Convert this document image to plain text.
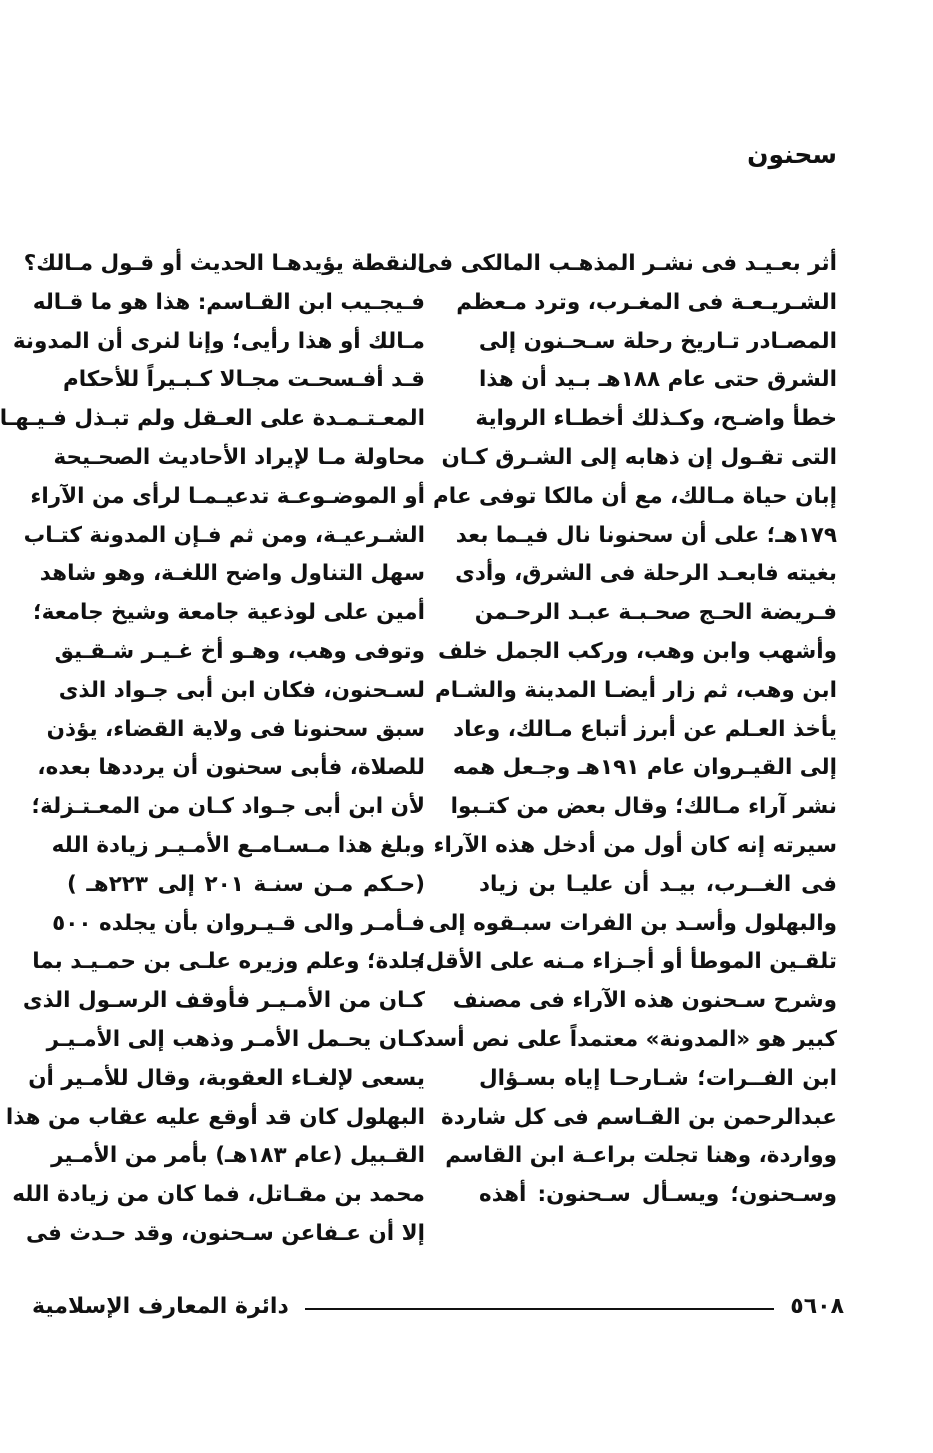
سحنون
أثر بعـيـد فى نشـر المذهـب المالكى فى
الشـريـعـة فى المغـرب، وترد مـعظم
المصـادر تـاريخ رحلة سـحـنون إلى
الشرق حتى عام ١٨٨هـ بـيد أن هذا
خطأ واضـح، وكـذلك أخطـاء الرواية
التى تقـول إن ذهابه إلى الشـرق كـان
إبان حياة مـالك، مع أن مالكا توفى عام
١٧٩هـ؛ على أن سحنونا نال فيـما بعد
بغيته فابعـد الرحلة فى الشرق، وأدى
فـريضة الحـج صحـبـة عبـد الرحـمن
وأشهب وابن وهب، وركب الجمل خلف
ابن وهب، ثم زار أيضـا المدينة والشـام
يأخذ العـلم عن أبرز أتباع مـالك، وعاد
إلى القيـروان عام ١٩١هـ وجـعل همه
نشر آراء مـالك؛ وقال بعض من كتـبوا
سيرته إنه كان أول من أدخل هذه الآراء
فى الغــرب، بيـد أن عليـا بن زياد
والبهلول وأسـد بن الفرات سبـقوه إلى
تلقـين الموطأ أو أجـزاء مـنه على الأقل؛
وشرح سـحنون هذه الآراء فى مصنف
كبير هو «المدونة» معتمداً على نص أسد
ابن الفــرات؛ شـارحـا إياه بسـؤال
عبدالرحمن بن القـاسم فى كل شاردة
وواردة، وهنا تجلت براعـة ابن القاسم
وسـحنون؛ ويسـأل سـحنون: أهذه
النقطة يؤيدهـا الحديث أو قـول مـالك؟
فـيجـيب ابن القـاسم: هذا هو ما قـاله
مـالك أو هذا رأيى؛ وإنا لنرى أن المدونة
قـد أفـسحـت مجـالا كـبـيراً للأحكام
المعـتـمـدة على العـقل ولم تبـذل فـيـهـا
محاولة مـا لإيراد الأحاديث الصحـيحة
أو الموضـوعـة تدعيـمـا لرأى من الآراء
الشـرعيـة، ومن ثم فـإن المدونة كتـاب
سهل التناول واضح اللغـة، وهو شاهد
أمين على لوذعية جامعة وشيخ جامعة؛
وتوفى وهب، وهـو أخ غـيـر شـقـيق
لسـحنون، فكان ابن أبى جـواد الذى
سبق سحنونا فى ولاية القضاء، يؤذن
للصلاة، فأبى سحنون أن يرددها بعده،
لأن ابن أبى جـواد كـان من المعـتـزلة؛
وبلغ هذا مـسـامـع الأمـيـر زيادة الله
(حـكم مـن سنـة ٢٠١ إلى ٢٢٣هـ )
فـأمـر والى قـيـروان بأن يجلده ٥٠٠
جلدة؛ وعلم وزيره علـى بن حمـيـد بما
كـان من الأمـيـر فأوقف الرسـول الذى
كـان يحـمل الأمـر وذهب إلى الأمـيـر
يسعى لإلغـاء العقوبة، وقال للأمـير أن
البهلول كان قد أوقع عليه عقاب من هذا
القـبيل (عام ١٨٣هـ) بأمر من الأمـير
محمد بن مقـاتل، فما كان من زيادة الله
إلا أن عـفاعن سـحنون، وقد حـدث فى
٥٦٠٨
دائرة المعارف الإسلامية
